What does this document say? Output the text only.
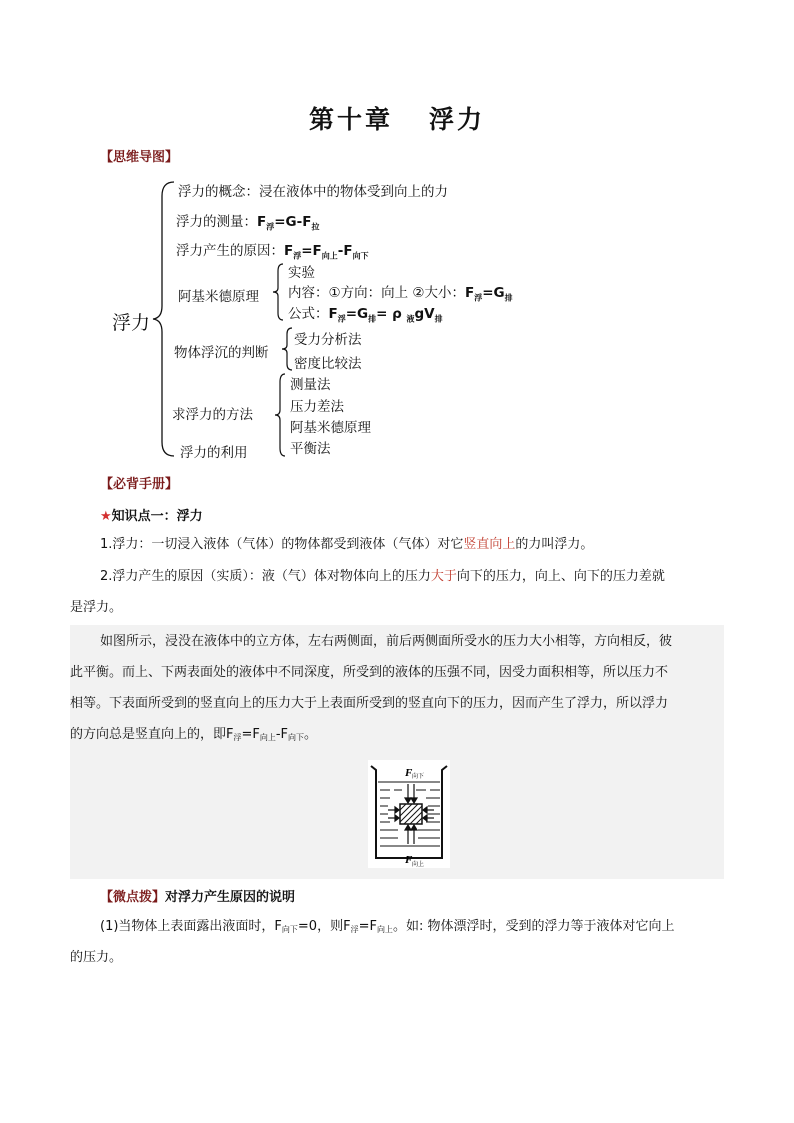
第十章 浮力
【思维导图】
浮力
浮力的概念：浸在液体中的物体受到向上的力
浮力的测量：$F_浮=G-F_拉$
浮力产生的原因：$F_浮=F_{向上}-F_{向下}$
阿基米德原理
实验
内容：①方向：向上 ②大小：$F_浮=G_排$
公式：$F_浮=G_排= \rho$ $_液gV_排$
物体浮沉的判断
受力分析法
密度比较法
求浮力的方法
测量法
压力差法
阿基米德原理
平衡法
浮力的利用
【必背手册】
★知识点一：浮力
1.浮力：一切浸入液体（气体）的物体都受到液体（气体）对它竖直向上的力叫浮力。
2.浮力产生的原因（实质）：液（气）体对物体向上的压力大于向下的压力，向上、向下的压力差就
是浮力。
如图所示，浸没在液体中的立方体，左右两侧面，前后两侧面所受水的压力大小相等，方向相反，彼
此平衡。而上、下两表面处的液体中不同深度，所受到的液体的压强不同，因受力面积相等，所以压力不
相等。下表面所受到的竖直向上的压力大于上表面所受到的竖直向下的压力，因而产生了浮力，所以浮力
的方向总是竖直向上的，即F浮=F向上-F向下。
F 向下
F 向上
【微点拨】对浮力产生原因的说明
(1)当物体上表面露出液面时，F向下=0，则F浮=F向上。如: 物体漂浮时，受到的浮力等于液体对它向上
的压力。
